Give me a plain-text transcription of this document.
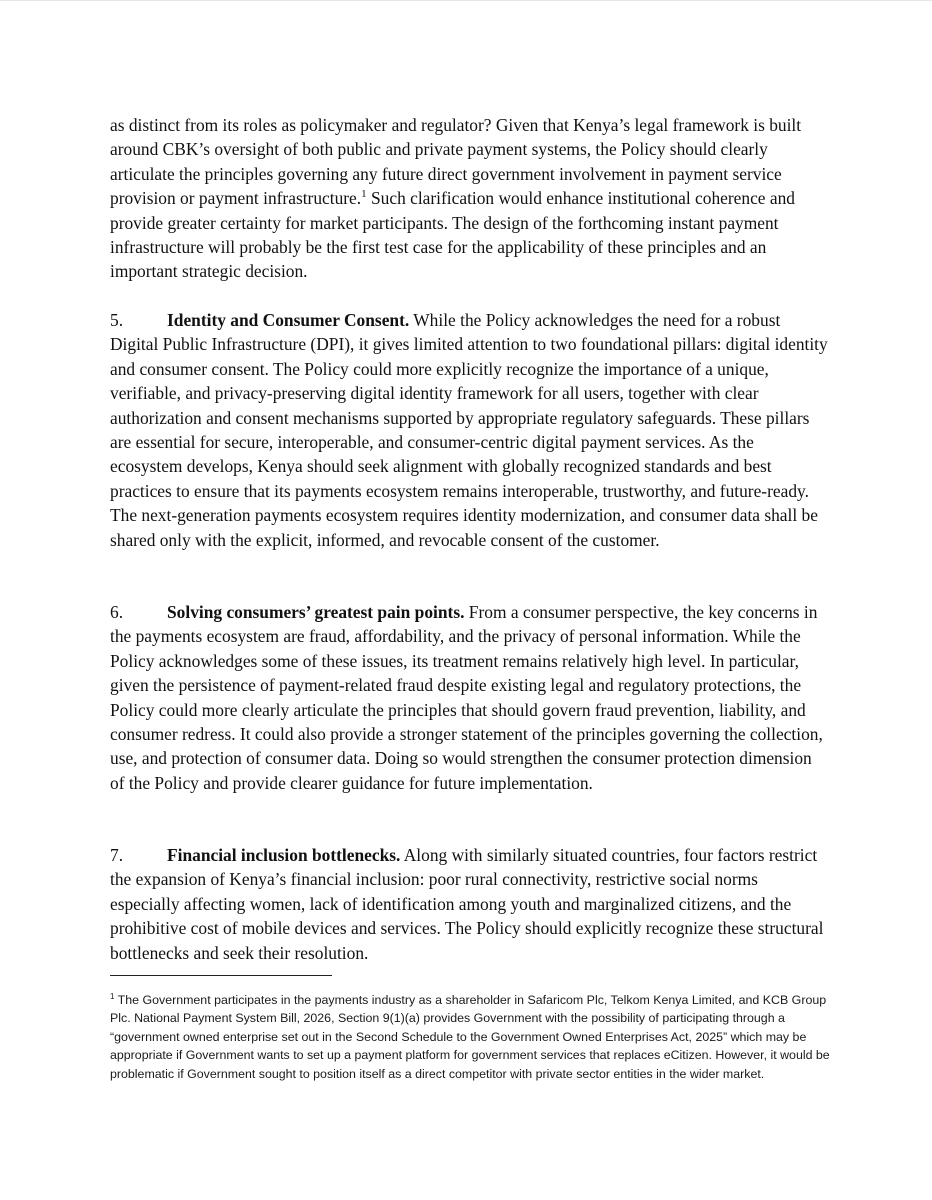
as distinct from its roles as policymaker and regulator? Given that Kenya’s legal framework is built around CBK’s oversight of both public and private payment systems, the Policy should clearly articulate the principles governing any future direct government involvement in payment service provision or payment infrastructure.$^1$ Such clarification would enhance institutional coherence and provide greater certainty for market participants. The design of the forthcoming instant payment infrastructure will probably be the first test case for the applicability of these principles and an important strategic decision.

5.	Identity and Consumer Consent. While the Policy acknowledges the need for a robust Digital Public Infrastructure (DPI), it gives limited attention to two foundational pillars: digital identity and consumer consent. The Policy could more explicitly recognize the importance of a unique, verifiable, and privacy-preserving digital identity framework for all users, together with clear authorization and consent mechanisms supported by appropriate regulatory safeguards. These pillars are essential for secure, interoperable, and consumer-centric digital payment services. As the ecosystem develops, Kenya should seek alignment with globally recognized standards and best practices to ensure that its payments ecosystem remains interoperable, trustworthy, and future-ready. The next-generation payments ecosystem requires identity modernization, and consumer data shall be shared only with the explicit, informed, and revocable consent of the customer.

6.	Solving consumers’ greatest pain points. From a consumer perspective, the key concerns in the payments ecosystem are fraud, affordability, and the privacy of personal information. While the Policy acknowledges some of these issues, its treatment remains relatively high level. In particular, given the persistence of payment-related fraud despite existing legal and regulatory protections, the Policy could more clearly articulate the principles that should govern fraud prevention, liability, and consumer redress. It could also provide a stronger statement of the principles governing the collection, use, and protection of consumer data. Doing so would strengthen the consumer protection dimension of the Policy and provide clearer guidance for future implementation.

7.	Financial inclusion bottlenecks. Along with similarly situated countries, four factors restrict the expansion of Kenya’s financial inclusion: poor rural connectivity, restrictive social norms especially affecting women, lack of identification among youth and marginalized citizens, and the prohibitive cost of mobile devices and services. The Policy should explicitly recognize these structural bottlenecks and seek their resolution.

$^1$ The Government participates in the payments industry as a shareholder in Safaricom Plc, Telkom Kenya Limited, and KCB Group Plc. National Payment System Bill, 2026, Section 9(1)(a) provides Government with the possibility of participating through a “government owned enterprise set out in the Second Schedule to the Government Owned Enterprises Act, 2025” which may be appropriate if Government wants to set up a payment platform for government services that replaces eCitizen. However, it would be problematic if Government sought to position itself as a direct competitor with private sector entities in the wider market.
